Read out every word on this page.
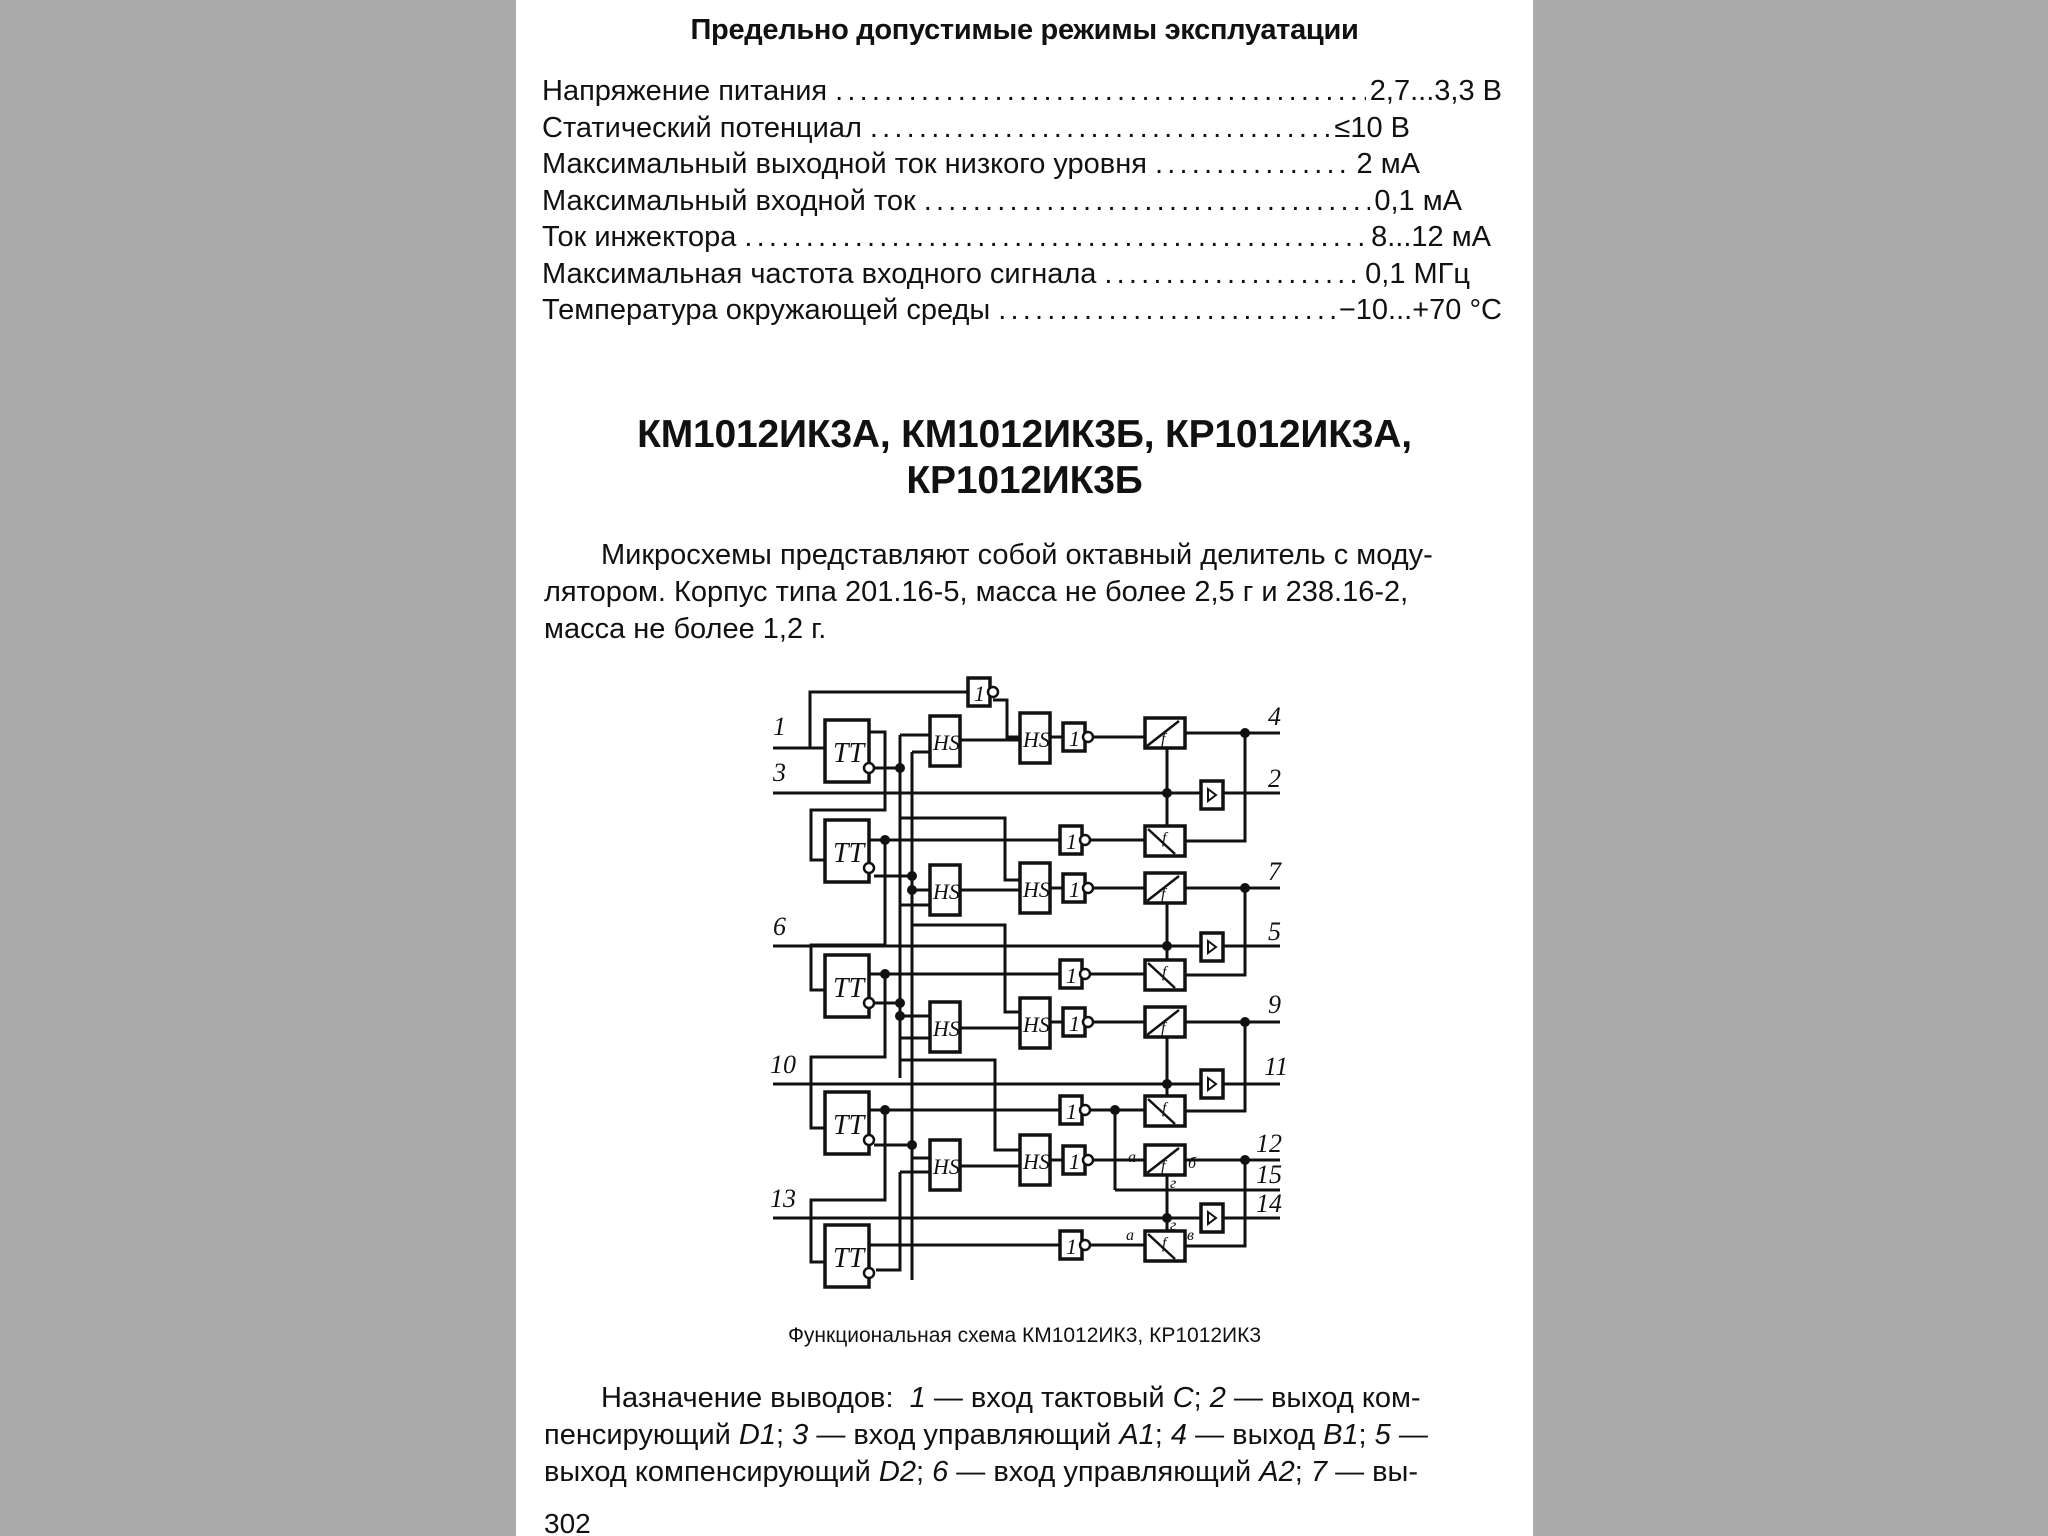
Предельно допустимые режимы эксплуатации
Напряжение питания .....	2,7...3,3 В
Статический потенциал .....	≤10 В
Максимальный выходной ток низкого уровня .....	2 мА
Максимальный входной ток .....	0,1 мА
Ток инжектора .....	8...12 мА
Максимальная частота входного сигнала .....	0,1 МГц
Температура окружающей среды .....	−10...+70 °С
КМ1012ИК3А, КМ1012ИК3Б, КР1012ИК3А,
КР1012ИК3Б
Микросхемы представляют собой октавный делитель с моду-
лятором. Корпус типа 201.16-5, масса не более 2,5 г и 238.16-2,
масса не более 1,2 г.
TT
TT
TT
TT
TT
HS	HS
HS	HS
HS	HS
HS	HS
1
1
1
1
1
1
1
1
1
f
f
f
f
f
f
f
f
1
3
6
10
13
4
2
7
5
9
11
12
15
14
а	б
г
а
г
в
Функциональная схема КМ1012ИК3, КР1012ИК3
Назначение выводов: 1 — вход тактовый C; 2 — выход ком-
пенсирующий D1; 3 — вход управляющий A1; 4 — выход B1; 5 —
выход компенсирующий D2; 6 — вход управляющий A2; 7 — вы-
302
